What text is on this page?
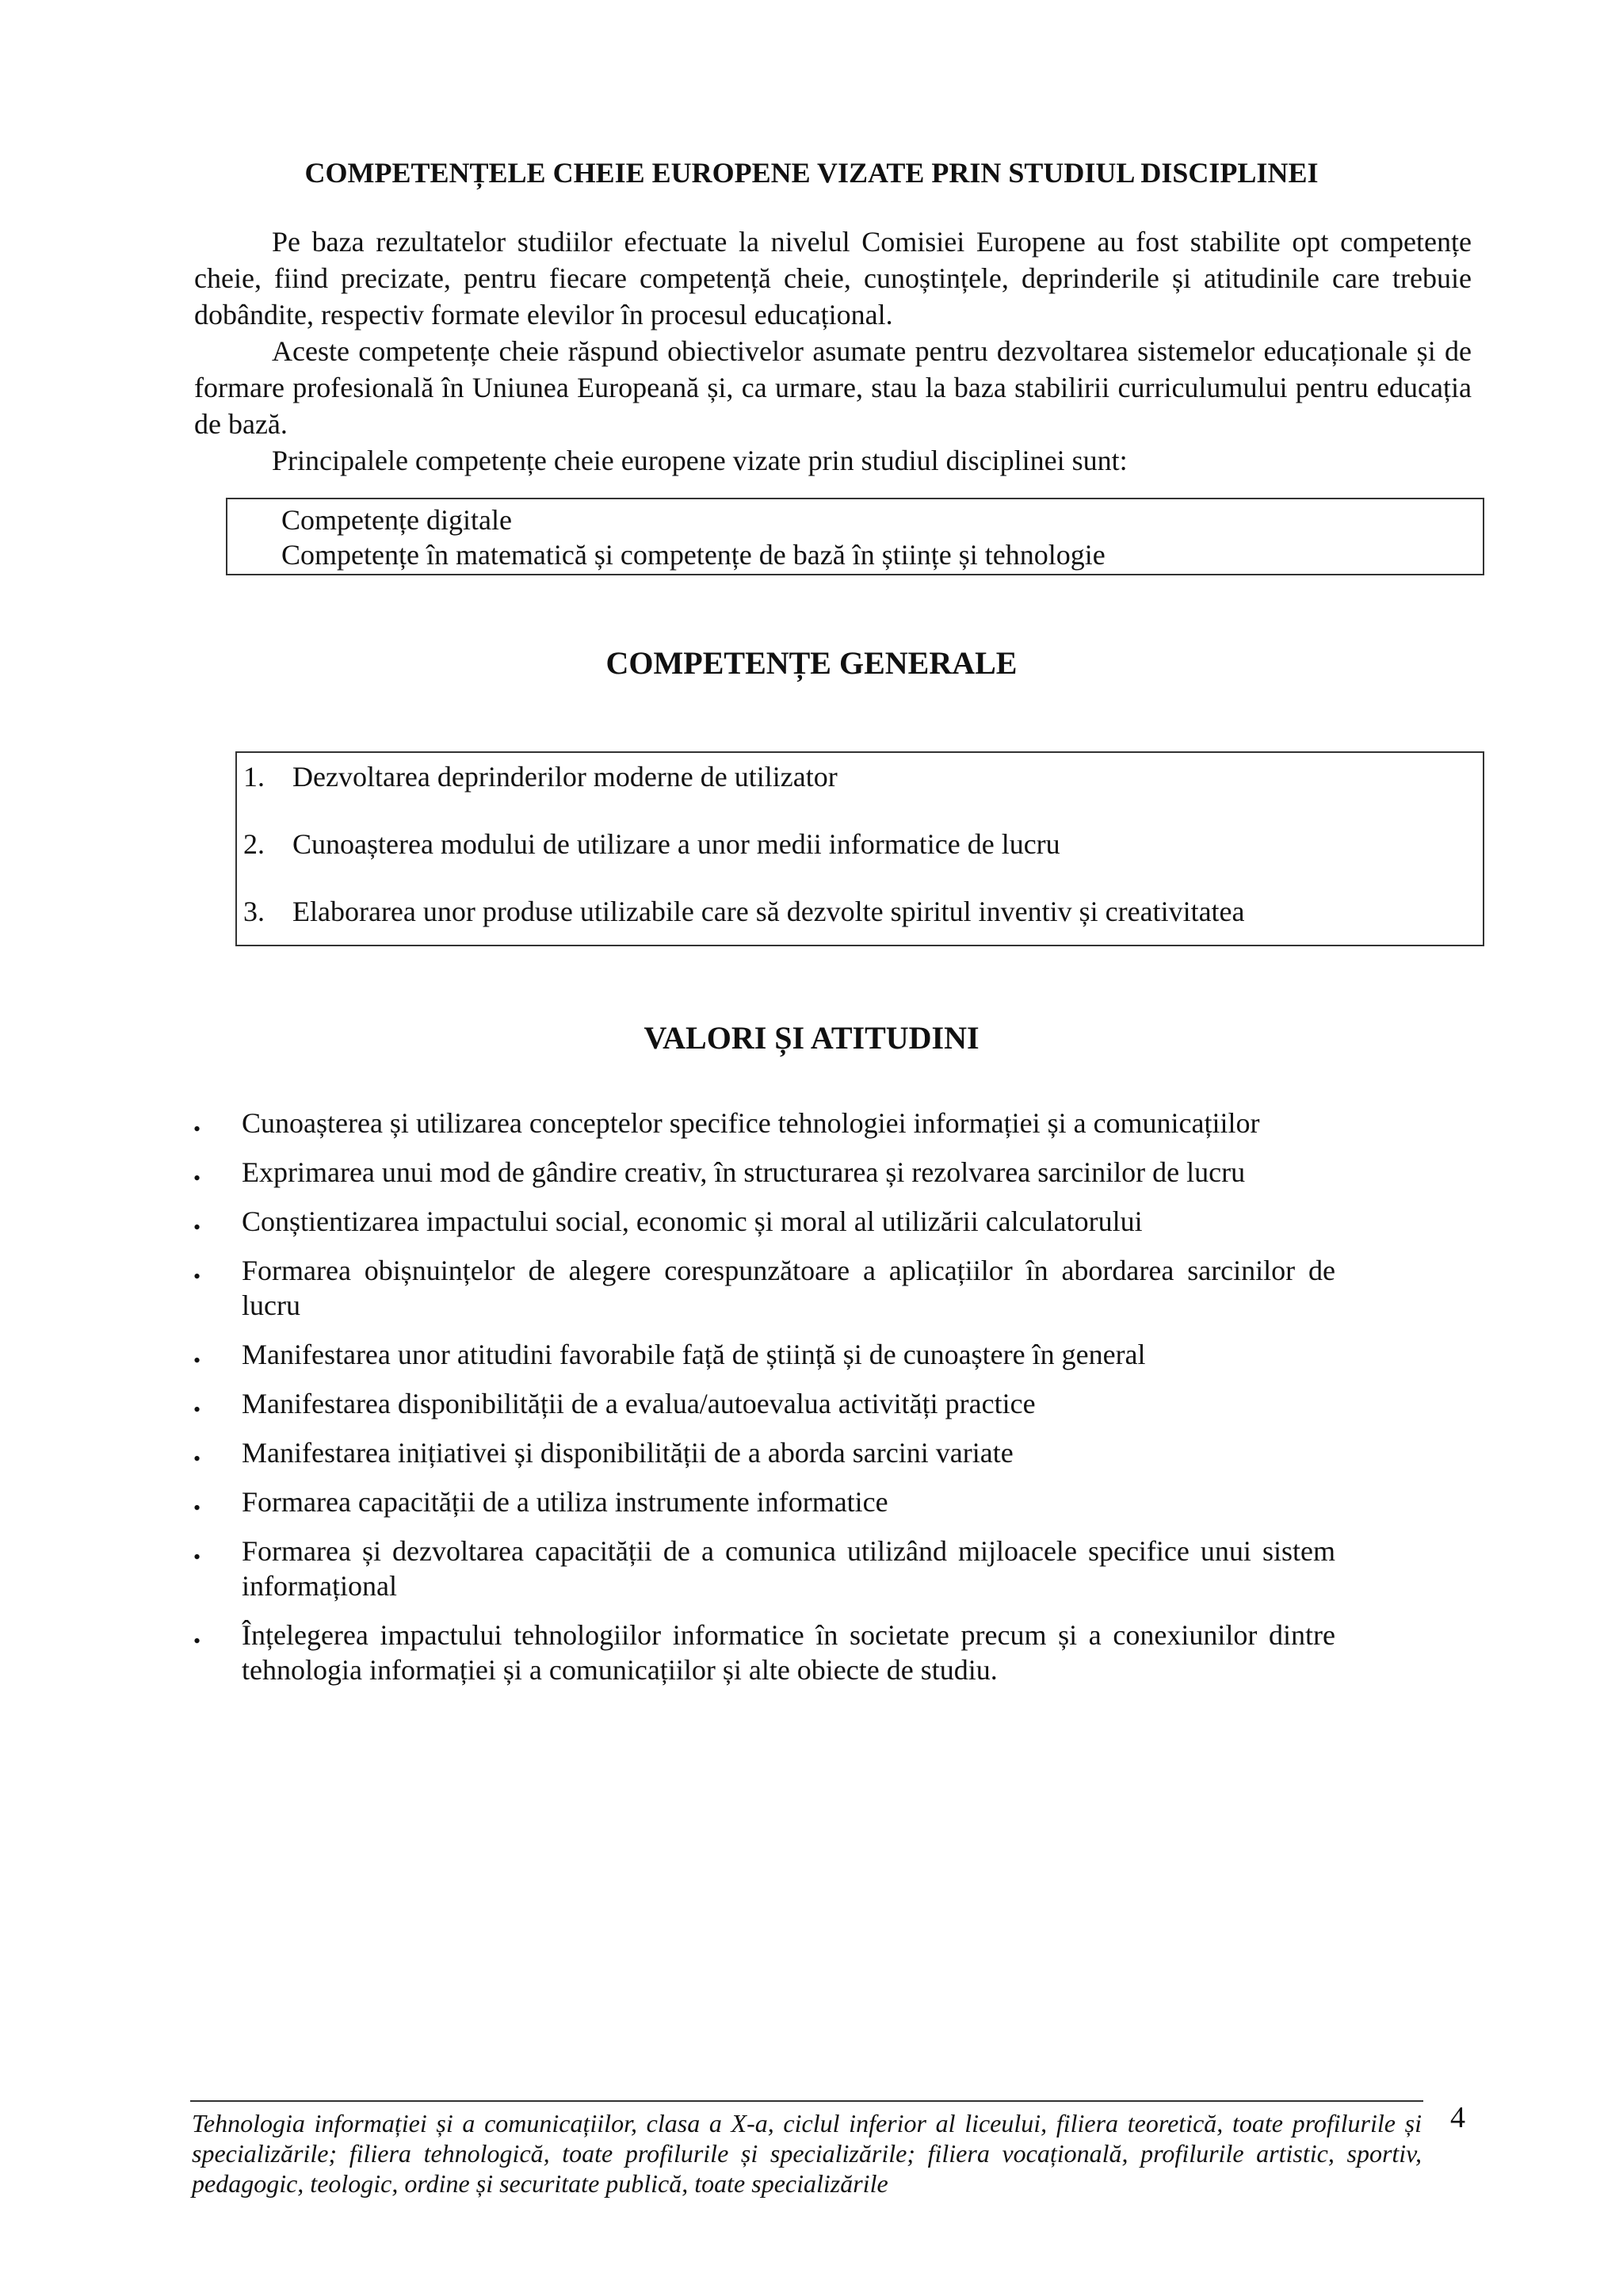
COMPETENȚELE CHEIE EUROPENE VIZATE PRIN STUDIUL DISCIPLINEI

Pe baza rezultatelor studiilor efectuate la nivelul Comisiei Europene au fost stabilite opt competențe cheie, fiind precizate, pentru fiecare competență cheie, cunoștințele, deprinderile și atitudinile care trebuie dobândite, respectiv formate elevilor în procesul educațional.

Aceste competențe cheie răspund obiectivelor asumate pentru dezvoltarea sistemelor educaționale și de formare profesională în Uniunea Europeană și, ca urmare, stau la baza stabilirii curriculumului pentru educația de bază.

Principalele competențe cheie europene vizate prin studiul disciplinei sunt:

Competențe digitale
Competențe în matematică și competențe de bază în științe și tehnologie
COMPETENȚE GENERALE
1. Dezvoltarea deprinderilor moderne de utilizator
2. Cunoașterea modului de utilizare a unor medii informatice de lucru
3. Elaborarea unor produse utilizabile care să dezvolte spiritul inventiv și creativitatea
VALORI ȘI ATITUDINI
• Cunoașterea și utilizarea conceptelor specifice tehnologiei informației și a comunicațiilor
• Exprimarea unui mod de gândire creativ, în structurarea și rezolvarea sarcinilor de lucru
• Conștientizarea impactului social, economic și moral al utilizării calculatorului
• Formarea obișnuințelor de alegere corespunzătoare a aplicațiilor în abordarea sarcinilor de lucru
• Manifestarea unor atitudini favorabile față de știință și de cunoaștere în general
• Manifestarea disponibilității de a evalua/autoevalua activități practice
• Manifestarea inițiativei și disponibilității de a aborda sarcini variate
• Formarea capacității de a utiliza instrumente informatice
• Formarea și dezvoltarea capacității de a comunica utilizând mijloacele specifice unui sistem informațional
• Înțelegerea impactului tehnologiilor informatice în societate precum și a conexiunilor dintre tehnologia informației și a comunicațiilor și alte obiecte de studiu.

Tehnologia informației și a comunicațiilor, clasa a X-a, ciclul inferior al liceului, filiera teoretică, toate profilurile și specializările; filiera tehnologică, toate profilurile și specializările; filiera vocațională, profilurile artistic, sportiv, pedagogic, teologic, ordine și securitate publică, toate specializările

4
